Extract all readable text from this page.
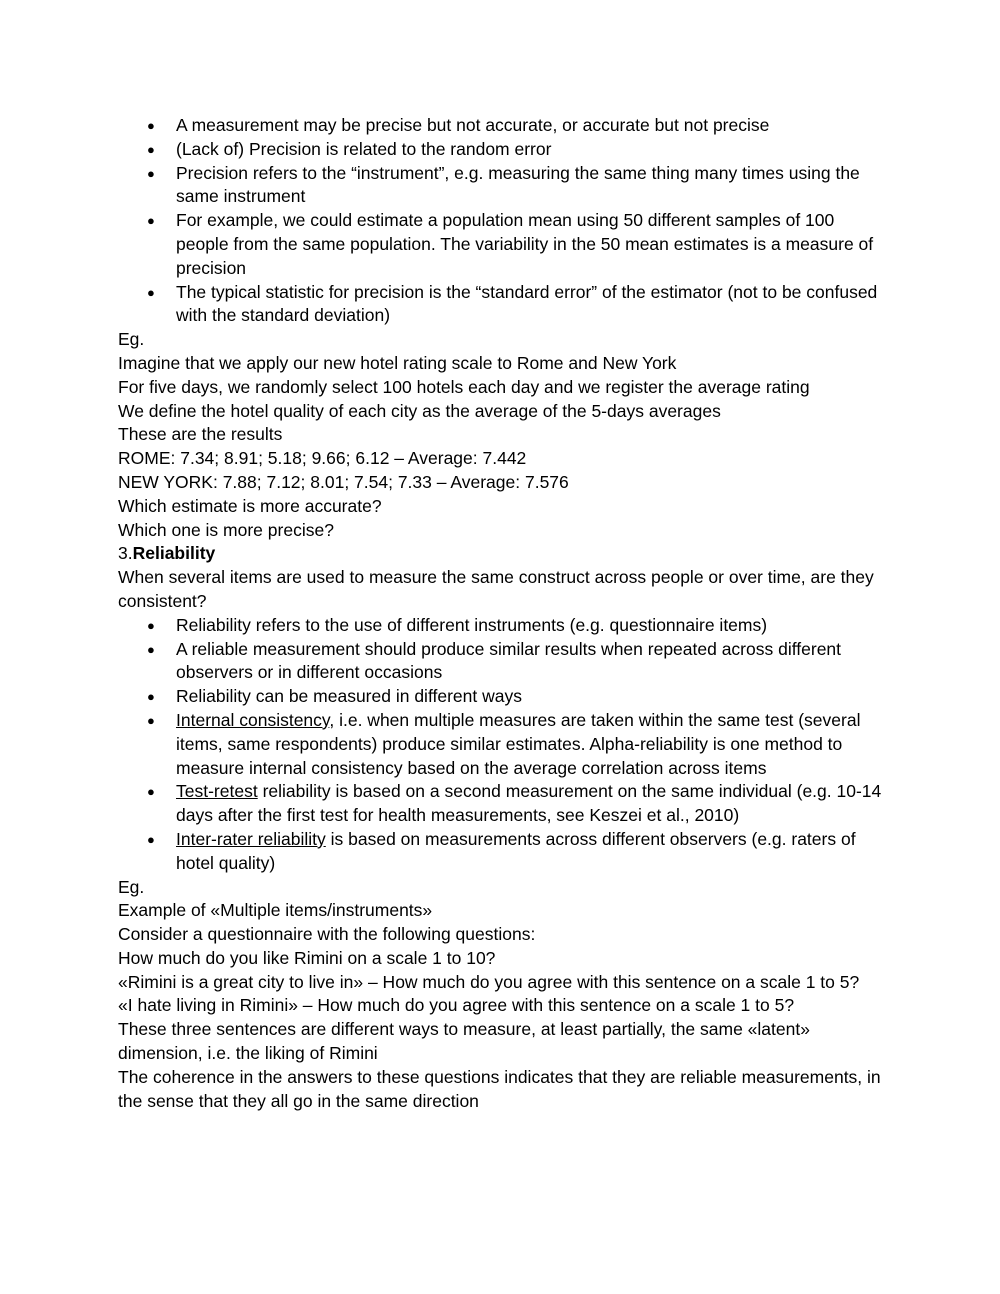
● A measurement may be precise but not accurate, or accurate but not precise
● (Lack of) Precision is related to the random error
● Precision refers to the “instrument”, e.g. measuring the same thing many times using the same instrument
● For example, we could estimate a population mean using 50 different samples of 100 people from the same population. The variability in the 50 mean estimates is a measure of precision
● The typical statistic for precision is the “standard error” of the estimator (not to be confused with the standard deviation)

Eg.

Imagine that we apply our new hotel rating scale to Rome and New York

For five days, we randomly select 100 hotels each day and we register the average rating

We define the hotel quality of each city as the average of the 5-days averages

These are the results

ROME: 7.34; 8.91; 5.18; 9.66; 6.12 – Average: 7.442

NEW YORK: 7.88; 7.12; 8.01; 7.54; 7.33 – Average: 7.576

Which estimate is more accurate?

Which one is more precise?

3.Reliability

When several items are used to measure the same construct across people or over time, are they consistent?

● Reliability refers to the use of different instruments (e.g. questionnaire items)
● A reliable measurement should produce similar results when repeated across different observers or in different occasions
● Reliability can be measured in different ways
● Internal consistency, i.e. when multiple measures are taken within the same test (several items, same respondents) produce similar estimates. Alpha-reliability is one method to measure internal consistency based on the average correlation across items
● Test-retest reliability is based on a second measurement on the same individual (e.g. 10-14 days after the first test for health measurements, see Keszei et al., 2010)
● Inter-rater reliability is based on measurements across different observers (e.g. raters of hotel quality)

Eg.

Example of «Multiple items/instruments»

Consider a questionnaire with the following questions:

How much do you like Rimini on a scale 1 to 10?

«Rimini is a great city to live in» – How much do you agree with this sentence on a scale 1 to 5?

«I hate living in Rimini» – How much do you agree with this sentence on a scale 1 to 5?

These three sentences are different ways to measure, at least partially, the same «latent» dimension, i.e. the liking of Rimini

The coherence in the answers to these questions indicates that they are reliable measurements, in the sense that they all go in the same direction
